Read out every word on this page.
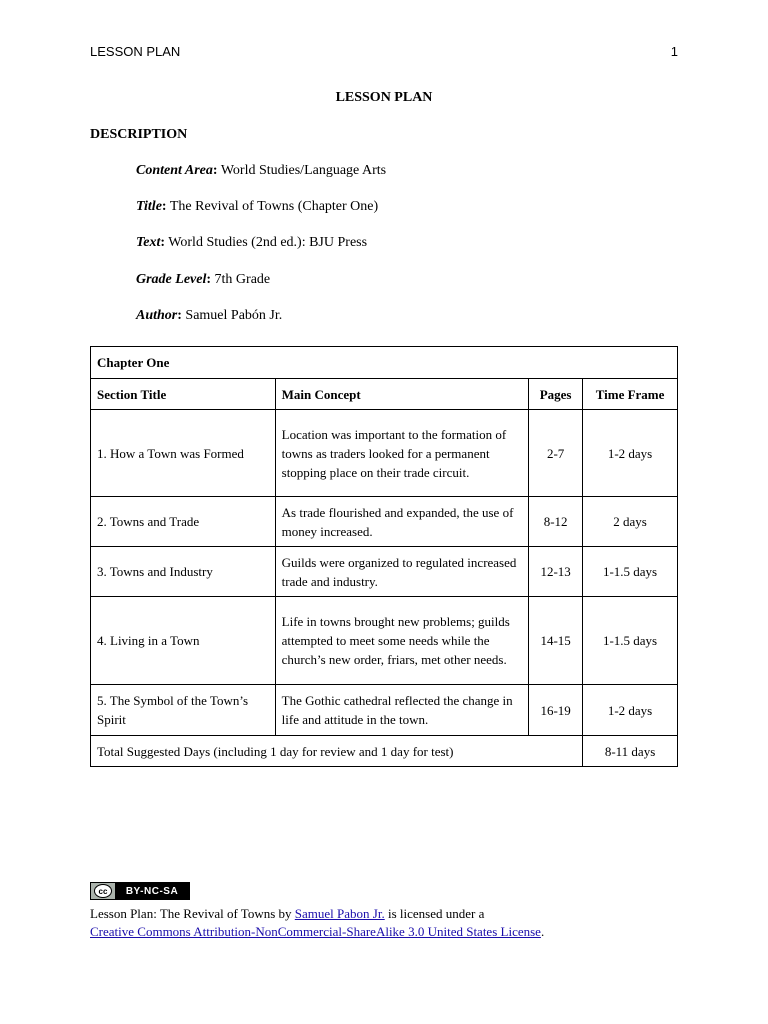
LESSON PLAN	1
LESSON PLAN
DESCRIPTION
Content Area: World Studies/Language Arts
Title: The Revival of Towns (Chapter One)
Text: World Studies (2nd ed.): BJU Press
Grade Level: 7th Grade
Author: Samuel Pabón Jr.
Chapter One			
Section Title	Main Concept	Pages	Time Frame
1. How a Town was Formed	Location was important to the formation of towns as traders looked for a permanent stopping place on their trade circuit.	2-7	1-2 days
2. Towns and Trade	As trade flourished and expanded, the use of money increased.	8-12	2 days
3. Towns and Industry	Guilds were organized to regulated increased trade and industry.	12-13	1-1.5 days
4. Living in a Town	Life in towns brought new problems; guilds attempted to meet some needs while the church’s new order, friars, met other needs.	14-15	1-1.5 days
5. The Symbol of the Town’s Spirit	The Gothic cathedral reflected the change in life and attitude in the town.	16-19	1-2 days
Total Suggested Days (including 1 day for review and 1 day for test)			8-11 days
cc	BY-NC-SA
Lesson Plan: The Revival of Towns by Samuel Pabon Jr. is licensed under a
Creative Commons Attribution-NonCommercial-ShareAlike 3.0 United States License.
